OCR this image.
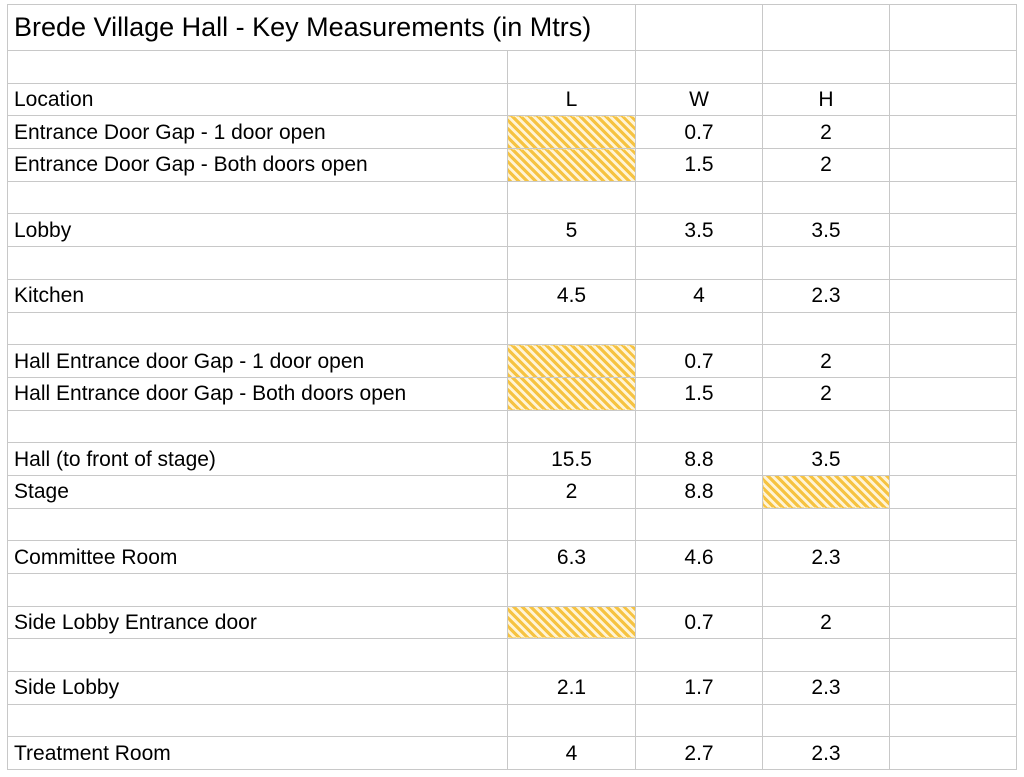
Brede Village Hall - Key Measurements (in Mtrs)				

Location	L	W	H	
Entrance Door Gap - 1 door open		0.7	2	
Entrance Door Gap - Both doors open		1.5	2	

Lobby	5	3.5	3.5	

Kitchen	4.5	4	2.3	

Hall Entrance door Gap - 1 door open		0.7	2	
Hall Entrance door Gap - Both doors open		1.5	2	

Hall (to front of stage)	15.5	8.8	3.5	
Stage	2	8.8		

Committee Room	6.3	4.6	2.3	

Side Lobby Entrance door		0.7	2	

Side Lobby	2.1	1.7	2.3	

Treatment Room	4	2.7	2.3	
